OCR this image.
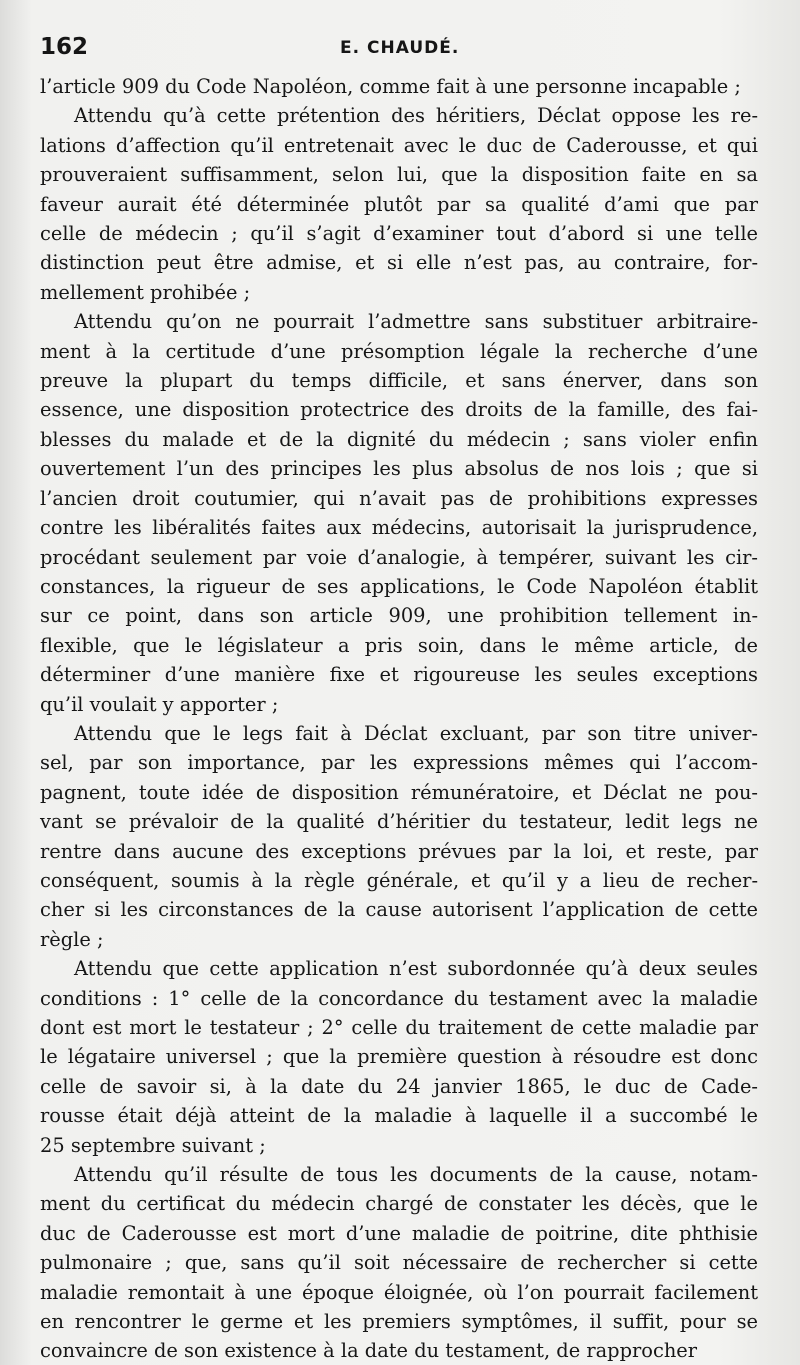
162	E. CHAUDÉ.

l’article 909 du Code Napoléon, comme fait à une personne incapable ;

Attendu qu’à cette prétention des héritiers, Déclat oppose les re-
lations d’affection qu’il entretenait avec le duc de Caderousse, et qui
prouveraient suffisamment, selon lui, que la disposition faite en sa
faveur aurait été déterminée plutôt par sa qualité d’ami que par
celle de médecin ; qu’il s’agit d’examiner tout d’abord si une telle
distinction peut être admise, et si elle n’est pas, au contraire, for-
mellement prohibée ;

Attendu qu’on ne pourrait l’admettre sans substituer arbitraire-
ment à la certitude d’une présomption légale la recherche d’une
preuve la plupart du temps difficile, et sans énerver, dans son
essence, une disposition protectrice des droits de la famille, des fai-
blesses du malade et de la dignité du médecin ; sans violer enfin
ouvertement l’un des principes les plus absolus de nos lois ; que si
l’ancien droit coutumier, qui n’avait pas de prohibitions expresses
contre les libéralités faites aux médecins, autorisait la jurisprudence,
procédant seulement par voie d’analogie, à tempérer, suivant les cir-
constances, la rigueur de ses applications, le Code Napoléon établit
sur ce point, dans son article 909, une prohibition tellement in-
flexible, que le législateur a pris soin, dans le même article, de
déterminer d’une manière fixe et rigoureuse les seules exceptions
qu’il voulait y apporter ;

Attendu que le legs fait à Déclat excluant, par son titre univer-
sel, par son importance, par les expressions mêmes qui l’accom-
pagnent, toute idée de disposition rémunératoire, et Déclat ne pou-
vant se prévaloir de la qualité d’héritier du testateur, ledit legs ne
rentre dans aucune des exceptions prévues par la loi, et reste, par
conséquent, soumis à la règle générale, et qu’il y a lieu de recher-
cher si les circonstances de la cause autorisent l’application de cette
règle ;

Attendu que cette application n’est subordonnée qu’à deux seules
conditions : 1° celle de la concordance du testament avec la maladie
dont est mort le testateur ; 2° celle du traitement de cette maladie par
le légataire universel ; que la première question à résoudre est donc
celle de savoir si, à la date du 24 janvier 1865, le duc de Cade-
rousse était déjà atteint de la maladie à laquelle il a succombé le
25 septembre suivant ;

Attendu qu’il résulte de tous les documents de la cause, notam-
ment du certificat du médecin chargé de constater les décès, que le
duc de Caderousse est mort d’une maladie de poitrine, dite phthisie
pulmonaire ; que, sans qu’il soit nécessaire de rechercher si cette
maladie remontait à une époque éloignée, où l’on pourrait facilement
en rencontrer le germe et les premiers symptômes, il suffit, pour se
convaincre de son existence à la date du testament, de rapprocher
